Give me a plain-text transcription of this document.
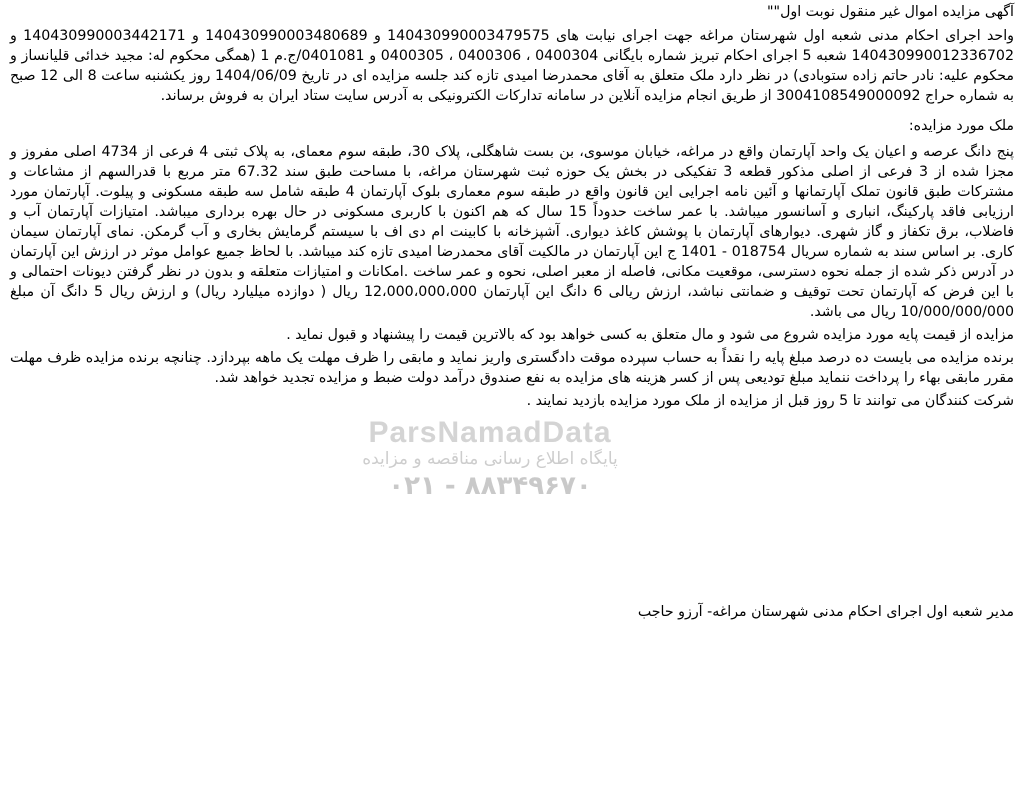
ParsNamadData
پایگاه اطلاع رسانی مناقصه و مزایده
۰۲۱ - ۸۸۳۴۹۶۷۰
آگهی مزایده اموال غیر منقول نوبت اول""

واحد اجرای احکام مدنی شعبه اول شهرستان مراغه جهت اجرای نیابت های 140430990003479575 و 140430990003480689 و 140430990003442171 و 140430990012336702 شعبه 5 اجرای احکام تبریز شماره بایگانی 0400304 ، 0400306 ، 0400305 و 0401081/ج.م 1 (همگی محکوم له: مجید خدائی قلیانساز و محکوم علیه: نادر حاتم زاده ستوبادی) در نظر دارد ملک متعلق به آقای محمدرضا امیدی تازه کند جلسه مزایده ای در تاریخ 1404/06/09 روز یکشنبه ساعت 8 الی 12 صبح به شماره حراج 3004108549000092 از طریق انجام مزایده آنلاین در سامانه تدارکات الکترونیکی به آدرس سایت ستاد ایران به فروش برساند.

ملک مورد مزایده:

پنج دانگ عرصه و اعیان یک واحد آپارتمان واقع در مراغه، خیابان موسوی، بن بست شاهگلی، پلاک 30، طبقه سوم معمای، به پلاک ثبتی 4 فرعی از 4734 اصلی مفروز و مجزا شده از 3 فرعی از اصلی مذکور قطعه 3 تفکیکی در بخش یک حوزه ثبت شهرستان مراغه، با مساحت طبق سند 67.32 متر مربع با قدرالسهم از مشاعات و مشترکات طبق قانون تملک آپارتمانها و آئین نامه اجرایی این قانون واقع در طبقه سوم معماری بلوک آپارتمان 4 طبقه شامل سه طبقه مسکونی و پیلوت. آپارتمان مورد ارزیابی فاقد پارکینگ، انباری و آسانسور میباشد. با عمر ساخت حدوداً 15 سال که هم اکنون با کاربری مسکونی در حال بهره برداری میباشد. امتیازات آپارتمان آب و فاضلاب، برق تکفاز و گاز شهری. دیوارهای آپارتمان با پوشش کاغذ دیواری. آشپزخانه با کابینت ام دی اف با سیستم گرمایش بخاری و آب گرمکن. نمای آپارتمان سیمان کاری. بر اساس سند به شماره سریال 018754 - 1401 ج این آپارتمان در مالکیت آقای محمدرضا امیدی تازه کند میباشد. با لحاظ جمیع عوامل موثر در ارزش این آپارتمان در آدرس ذکر شده از جمله نحوه دسترسی، موقعیت مکانی، فاصله از معبر اصلی، نحوه و عمر ساخت .امکانات و امتیازات متعلقه و بدون در نظر گرفتن دیونات احتمالی و با این فرض که آپارتمان تحت توقیف و ضمانتی نباشد، ارزش ریالی 6 دانگ این آپارتمان 12،000،000،000 ریال ( دوازده میلیارد ریال) و ارزش ریال 5 دانگ آن مبلغ 10/000/000/000 ریال می باشد.

مزایده از قیمت پایه مورد مزایده شروع می شود و مال متعلق به کسی خواهد بود که بالاترین قیمت را پیشنهاد و قبول نماید .

برنده مزایده می بایست ده درصد مبلغ پایه را نقداً به حساب سپرده موقت دادگستری واریز نماید و مابقی را ظرف مهلت یک ماهه بپردازد. چنانچه برنده مزایده ظرف مهلت مقرر مابقی بهاء را پرداخت ننماید مبلغ تودیعی پس از کسر هزینه های مزایده به نفع صندوق درآمد دولت ضبط و مزایده تجدید خواهد شد.

شرکت کنندگان می توانند تا 5 روز قبل از مزایده از ملک مورد مزایده بازدید نمایند .

مدیر شعبه اول اجرای احکام مدنی شهرستان مراغه- آرزو حاجب
